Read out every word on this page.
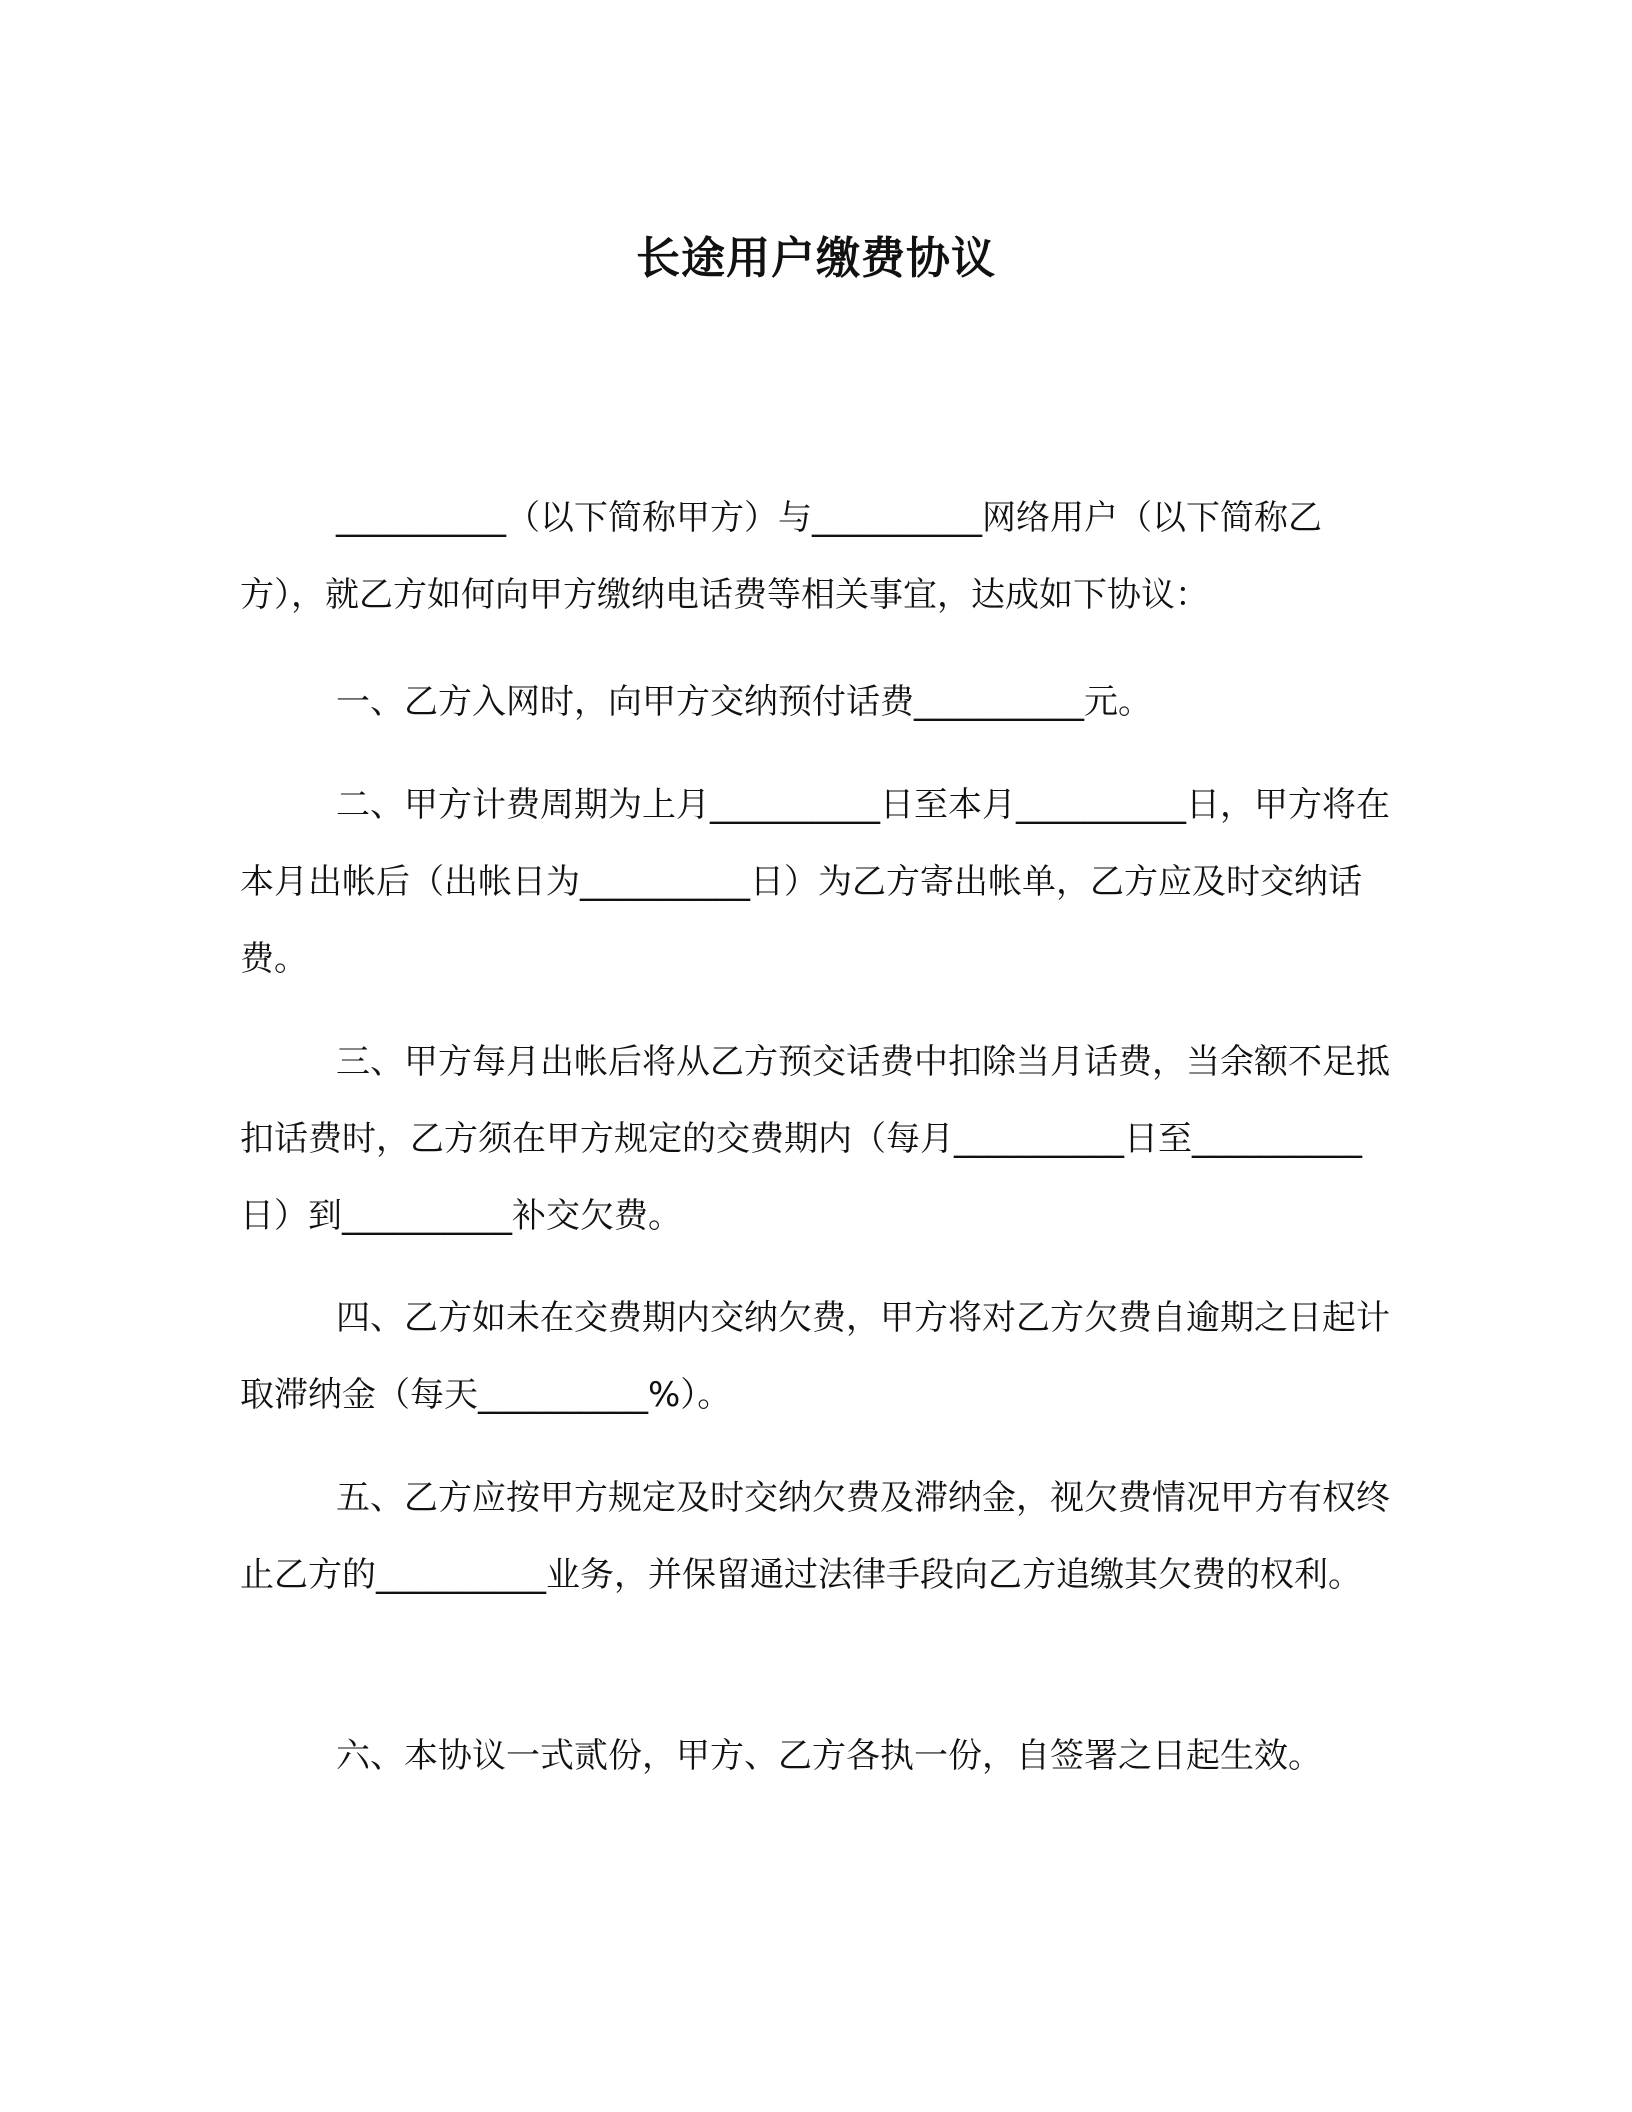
长途用户缴费协议

__________（以下简称甲方）与__________网络用户（以下简称乙方），就乙方如何向甲方缴纳电话费等相关事宜，达成如下协议：

一、乙方入网时，向甲方交纳预付话费__________元。

二、甲方计费周期为上月__________日至本月__________日，甲方将在本月出帐后（出帐日为__________日）为乙方寄出帐单，乙方应及时交纳话费。

三、甲方每月出帐后将从乙方预交话费中扣除当月话费，当余额不足抵扣话费时，乙方须在甲方规定的交费期内（每月__________日至__________日）到__________补交欠费。

四、乙方如未在交费期内交纳欠费，甲方将对乙方欠费自逾期之日起计取滞纳金（每天__________%）。

五、乙方应按甲方规定及时交纳欠费及滞纳金，视欠费情况甲方有权终止乙方的__________业务，并保留通过法律手段向乙方追缴其欠费的权利。

六、本协议一式贰份，甲方、乙方各执一份，自签署之日起生效。
